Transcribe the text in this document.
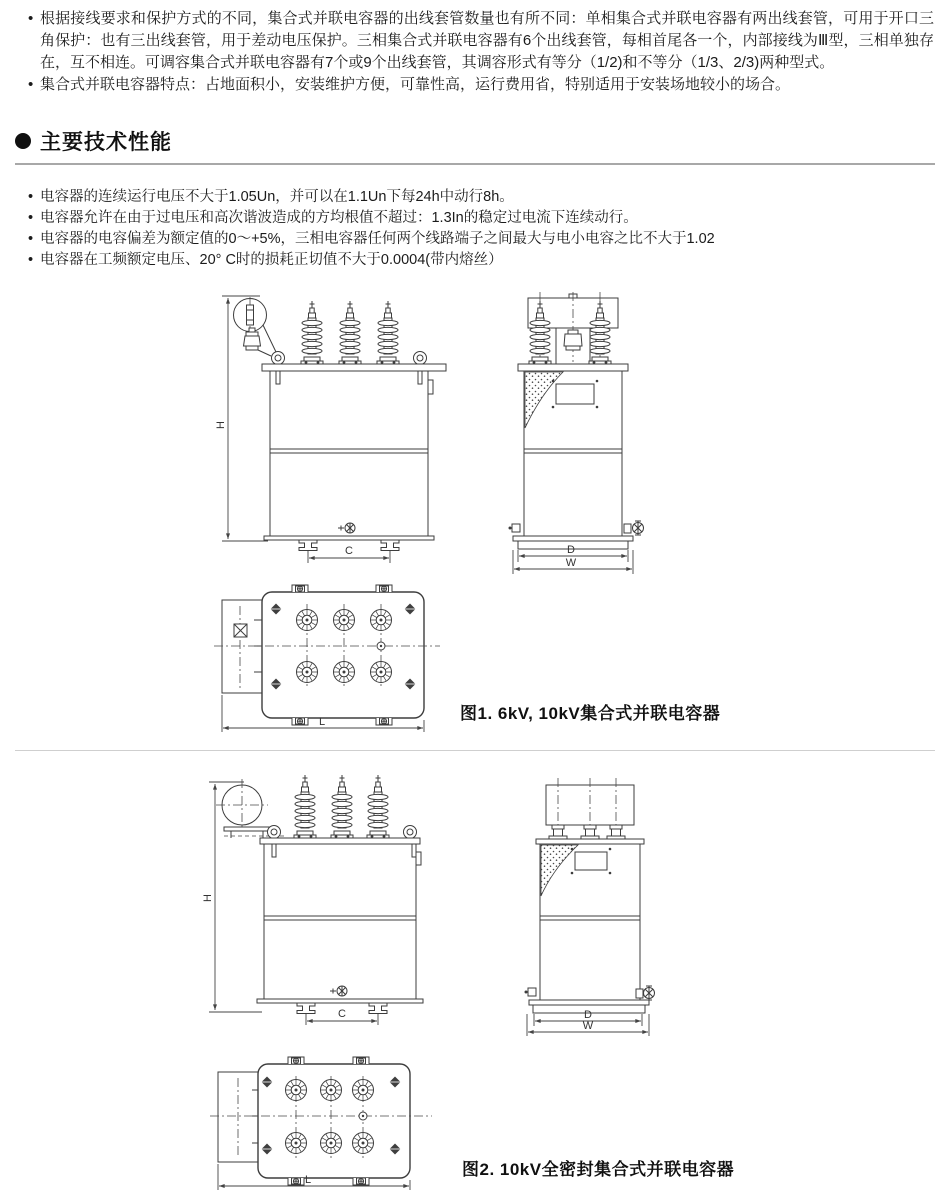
• 根据接线要求和保护方式的不同，集合式并联电容器的出线套管数量也有所不同：单相集合式并联电容器有两出线套管，可用于开口三角保护：也有三出线套管，用于差动电压保护。三相集合式并联电容器有6个出线套管，每相首尾各一个，内部接线为Ⅲ型，三相单独存在，互不相连。可调容集合式并联电容器有7个或9个出线套管，其调容形式有等分（1/2)和不等分（1/3、2/3)两种型式。
• 集合式并联电容器特点：占地面积小，安装维护方便，可靠性高，运行费用省，特别适用于安装场地较小的场合。
主要技术性能
• 电容器的连续运行电压不大于1.05Un，并可以在1.1Un下每24h中动行8h。
• 电容器允许在由于过电压和高次谐波造成的方均根值不超过：1.3In的稳定过电流下连续动行。
• 电容器的电容偏差为额定值的0～+5%，三相电容器任何两个线路端子之间最大与电小电容之比不大于1.02
• 电容器在工频额定电压、20° C时的损耗正切值不大于0.0004(带内熔丝）
H
C	D
W
L	图1. 6kV, 10kV集合式并联电容器
H
C	D
W
L
图2. 10kV全密封集合式并联电容器
